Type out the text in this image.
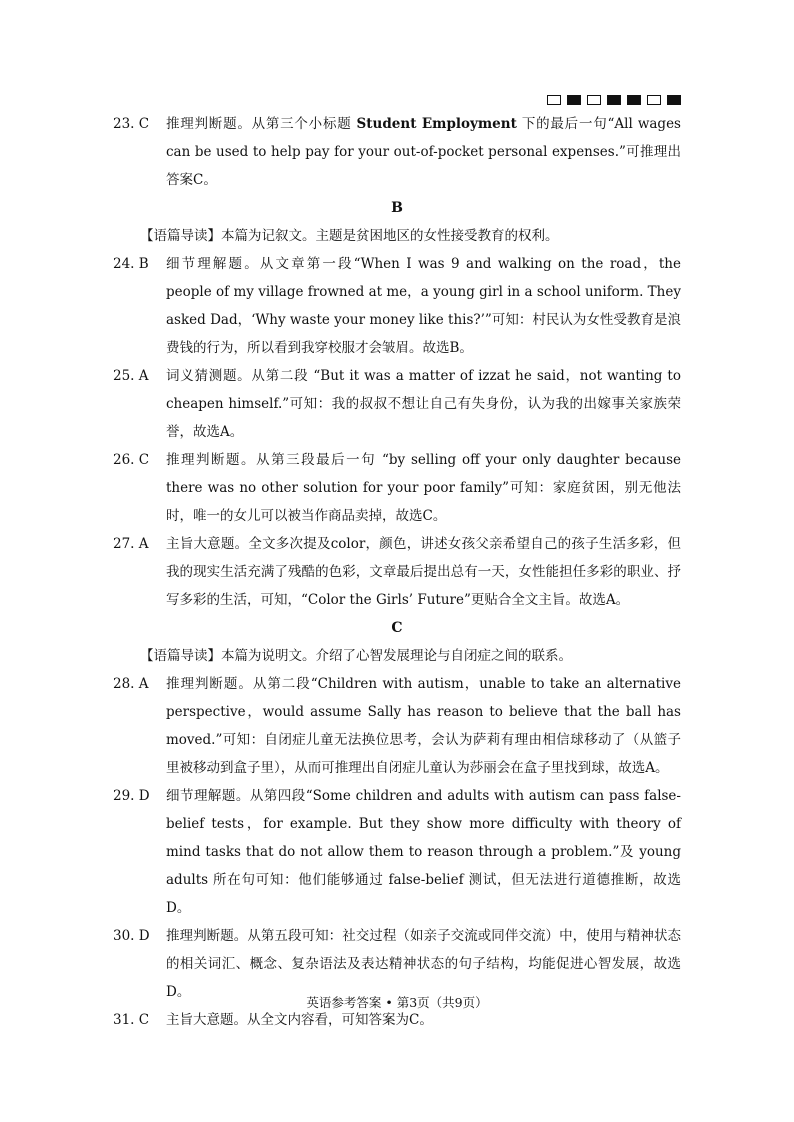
23. C	推理判断题。从第三个小标题 Student Employment 下的最后一句“All wages can be used to help pay for your out-of-pocket personal expenses.”可推理出答案C。
B
【语篇导读】本篇为记叙文。主题是贫困地区的女性接受教育的权利。
24. B	细节理解题。从文章第一段“When I was 9 and walking on the road，the people of my village frowned at me，a young girl in a school uniform. They asked Dad，‘Why waste your money like this?’”可知：村民认为女性受教育是浪费钱的行为，所以看到我穿校服才会皱眉。故选B。
25. A	词义猜测题。从第二段 “But it was a matter of izzat he said，not wanting to cheapen himself.”可知：我的叔叔不想让自己有失身份，认为我的出嫁事关家族荣誉，故选A。
26. C	推理判断题。从第三段最后一句 “by selling off your only daughter because there was no other solution for your poor family”可知：家庭贫困，别无他法时，唯一的女儿可以被当作商品卖掉，故选C。
27. A	主旨大意题。全文多次提及color，颜色，讲述女孩父亲希望自己的孩子生活多彩，但我的现实生活充满了残酷的色彩，文章最后提出总有一天，女性能担任多彩的职业、抒写多彩的生活，可知，“Color the Girls’ Future”更贴合全文主旨。故选A。
C
【语篇导读】本篇为说明文。介绍了心智发展理论与自闭症之间的联系。
28. A	推理判断题。从第二段“Children with autism，unable to take an alternative perspective，would assume Sally has reason to believe that the ball has moved.”可知：自闭症儿童无法换位思考，会认为萨莉有理由相信球移动了（从篮子里被移动到盒子里），从而可推理出自闭症儿童认为莎丽会在盒子里找到球，故选A。
29. D	细节理解题。从第四段“Some children and adults with autism can pass false-belief tests，for example. But they show more difficulty with theory of mind tasks that do not allow them to reason through a problem.”及 young adults 所在句可知：他们能够通过 false-belief 测试，但无法进行道德推断，故选D。
30. D	推理判断题。从第五段可知：社交过程（如亲子交流或同伴交流）中，使用与精神状态的相关词汇、概念、复杂语法及表达精神状态的句子结构，均能促进心智发展，故选D。
31. C	主旨大意题。从全文内容看，可知答案为C。
英语参考答案 • 第3页（共9页）
